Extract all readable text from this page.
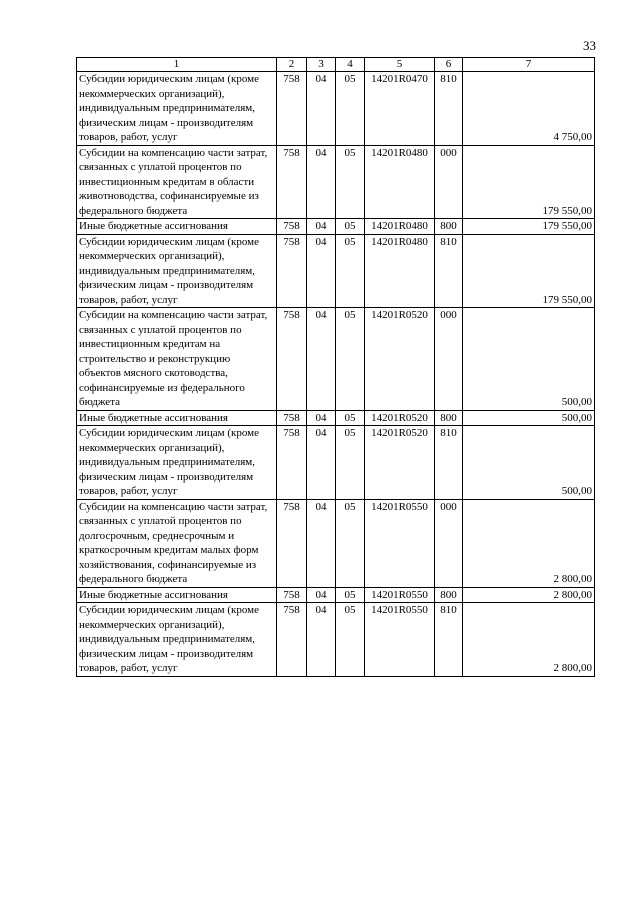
33
1	2	3	4	5	6	7
Субсидии юридическим лицам (кроме некоммерческих организаций), индивидуальным предпринимателям, физическим лицам - производителям товаров, работ, услуг	758	04	05	14201R0470	810	4 750,00
Субсидии на компенсацию части затрат, связанных с уплатой процентов по инвестиционным кредитам в области животноводства, софинансируемые из федерального бюджета	758	04	05	14201R0480	000	179 550,00
Иные бюджетные ассигнования	758	04	05	14201R0480	800	179 550,00
Субсидии юридическим лицам (кроме некоммерческих организаций), индивидуальным предпринимателям, физическим лицам - производителям товаров, работ, услуг	758	04	05	14201R0480	810	179 550,00
Субсидии на компенсацию части затрат, связанных с уплатой процентов по инвестиционным кредитам на строительство и реконструкцию объектов мясного скотоводства, софинансируемые из федерального бюджета	758	04	05	14201R0520	000	500,00
Иные бюджетные ассигнования	758	04	05	14201R0520	800	500,00
Субсидии юридическим лицам (кроме некоммерческих организаций), индивидуальным предпринимателям, физическим лицам - производителям товаров, работ, услуг	758	04	05	14201R0520	810	500,00
Субсидии на компенсацию части затрат, связанных с уплатой процентов по долгосрочным, среднесрочным и краткосрочным кредитам малых форм хозяйствования, софинансируемые из федерального бюджета	758	04	05	14201R0550	000	2 800,00
Иные бюджетные ассигнования	758	04	05	14201R0550	800	2 800,00
Субсидии юридическим лицам (кроме некоммерческих организаций), индивидуальным предпринимателям, физическим лицам - производителям товаров, работ, услуг	758	04	05	14201R0550	810	2 800,00
